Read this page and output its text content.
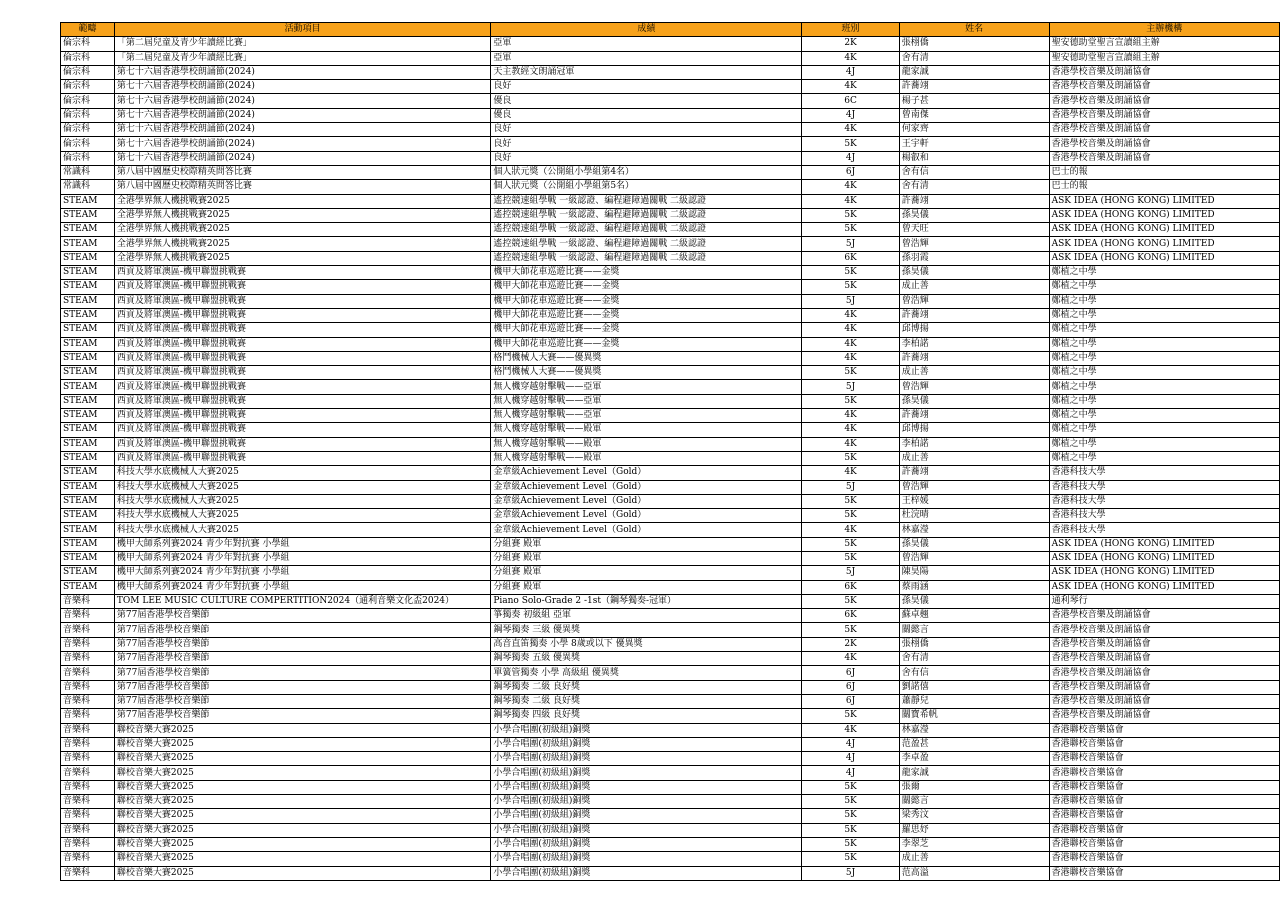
範疇	活動項目	成績	班別	姓名	主辦機構
倫宗科	「第二屆兒童及青少年讀經比賽」	亞軍	2K	張栩僑	聖安德助堂聖言宣讀組主辦
倫宗科	「第二屆兒童及青少年讀經比賽」	亞軍	4K	舍有清	聖安德助堂聖言宣讀組主辦
倫宗科	第七十六屆香港學校朗誦節(2024)	天主教經文朗誦冠軍	4J	龍家誠	香港學校音樂及朗誦協會
倫宗科	第七十六屆香港學校朗誦節(2024)	良好	4K	許蕎翊	香港學校音樂及朗誦協會
倫宗科	第七十六屆香港學校朗誦節(2024)	優良	6C	楊子甚	香港學校音樂及朗誦協會
倫宗科	第七十六屆香港學校朗誦節(2024)	優良	4J	曾南傑	香港學校音樂及朗誦協會
倫宗科	第七十六屆香港學校朗誦節(2024)	良好	4K	何家齊	香港學校音樂及朗誦協會
倫宗科	第七十六屆香港學校朗誦節(2024)	良好	5K	王宇軒	香港學校音樂及朗誦協會
倫宗科	第七十六屆香港學校朗誦節(2024)	良好	4J	楊叡和	香港學校音樂及朗誦協會
常識科	第八屆中國歷史校際精英問答比賽	個人狀元獎（公開組小學組第4名）	6J	舍有信	巴士的報
常識科	第八屆中國歷史校際精英問答比賽	個人狀元獎（公開組小學組第5名）	4K	舍有清	巴士的報
STEAM	全港學界無人機挑戰賽2025	遙控競速組學戰 一級認證、編程避障過關戰 二級認證	4K	許蕎翊	ASK IDEA (HONG KONG) LIMITED
STEAM	全港學界無人機挑戰賽2025	遙控競速組學戰 一級認證、編程避障過關戰 二級認證	5K	孫昊儀	ASK IDEA (HONG KONG) LIMITED
STEAM	全港學界無人機挑戰賽2025	遙控競速組學戰 一級認證、編程避障過關戰 二級認證	5K	曾天旺	ASK IDEA (HONG KONG) LIMITED
STEAM	全港學界無人機挑戰賽2025	遙控競速組學戰 一級認證、編程避障過關戰 二級認證	5J	曾浩輝	ASK IDEA (HONG KONG) LIMITED
STEAM	全港學界無人機挑戰賽2025	遙控競速組學戰 一級認證、編程避障過關戰 二級認證	6K	孫羽霞	ASK IDEA (HONG KONG) LIMITED
STEAM	西貢及將軍澳區-機甲聯盟挑戰賽	機甲大師花車巡遊比賽——金獎	5K	孫昊儀	鄭植之中學
STEAM	西貢及將軍澳區-機甲聯盟挑戰賽	機甲大師花車巡遊比賽——金獎	5K	成止善	鄭植之中學
STEAM	西貢及將軍澳區-機甲聯盟挑戰賽	機甲大師花車巡遊比賽——金獎	5J	曾浩輝	鄭植之中學
STEAM	西貢及將軍澳區-機甲聯盟挑戰賽	機甲大師花車巡遊比賽——金獎	4K	許蕎翊	鄭植之中學
STEAM	西貢及將軍澳區-機甲聯盟挑戰賽	機甲大師花車巡遊比賽——金獎	4K	邱博揚	鄭植之中學
STEAM	西貢及將軍澳區-機甲聯盟挑戰賽	機甲大師花車巡遊比賽——金獎	4K	李柏諾	鄭植之中學
STEAM	西貢及將軍澳區-機甲聯盟挑戰賽	格鬥機械人大賽——優異獎	4K	許蕎翊	鄭植之中學
STEAM	西貢及將軍澳區-機甲聯盟挑戰賽	格鬥機械人大賽——優異獎	5K	成止善	鄭植之中學
STEAM	西貢及將軍澳區-機甲聯盟挑戰賽	無人機穿越射擊戰——亞軍	5J	曾浩輝	鄭植之中學
STEAM	西貢及將軍澳區-機甲聯盟挑戰賽	無人機穿越射擊戰——亞軍	5K	孫昊儀	鄭植之中學
STEAM	西貢及將軍澳區-機甲聯盟挑戰賽	無人機穿越射擊戰——亞軍	4K	許蕎翊	鄭植之中學
STEAM	西貢及將軍澳區-機甲聯盟挑戰賽	無人機穿越射擊戰——殿軍	4K	邱博揚	鄭植之中學
STEAM	西貢及將軍澳區-機甲聯盟挑戰賽	無人機穿越射擊戰——殿軍	4K	李柏諾	鄭植之中學
STEAM	西貢及將軍澳區-機甲聯盟挑戰賽	無人機穿越射擊戰——殿軍	5K	成止善	鄭植之中學
STEAM	科技大學水底機械人大賽2025	金章級Achievement Level（Gold）	4K	許蕎翊	香港科技大學
STEAM	科技大學水底機械人大賽2025	金章級Achievement Level（Gold）	5J	曾浩輝	香港科技大學
STEAM	科技大學水底機械人大賽2025	金章級Achievement Level（Gold）	5K	王梓媛	香港科技大學
STEAM	科技大學水底機械人大賽2025	金章級Achievement Level（Gold）	5K	杜浣晴	香港科技大學
STEAM	科技大學水底機械人大賽2025	金章級Achievement Level（Gold）	4K	林嘉瀅	香港科技大學
STEAM	機甲大師系列賽2024 青少年對抗賽 小學組	分組賽 殿軍	5K	孫昊儀	ASK IDEA (HONG KONG) LIMITED
STEAM	機甲大師系列賽2024 青少年對抗賽 小學組	分組賽 殿軍	5K	曾浩輝	ASK IDEA (HONG KONG) LIMITED
STEAM	機甲大師系列賽2024 青少年對抗賽 小學組	分組賽 殿軍	5J	陳昊陽	ASK IDEA (HONG KONG) LIMITED
STEAM	機甲大師系列賽2024 青少年對抗賽 小學組	分組賽 殿軍	6K	蔡雨涵	ASK IDEA (HONG KONG) LIMITED
音樂科	TOM LEE MUSIC CULTURE COMPERTITION2024（通利音樂文化盃2024）	Piano Solo-Grade 2 -1st（鋼琴獨奏-冠軍）	5K	孫昊儀	通利琴行
音樂科	第77屆香港學校音樂節	箏獨奏 初級組 亞軍	6K	蘇卓翹	香港學校音樂及朗誦協會
音樂科	第77屆香港學校音樂節	鋼琴獨奏 三級 優異獎	5K	關懿言	香港學校音樂及朗誦協會
音樂科	第77屆香港學校音樂節	高音直笛獨奏 小學 8歲或以下 優異獎	2K	張栩僑	香港學校音樂及朗誦協會
音樂科	第77屆香港學校音樂節	鋼琴獨奏 五級 優異獎	4K	舍有清	香港學校音樂及朗誦協會
音樂科	第77屆香港學校音樂節	單簧管獨奏 小學 高級組 優異獎	6J	舍有信	香港學校音樂及朗誦協會
音樂科	第77屆香港學校音樂節	鋼琴獨奏 二級 良好獎	6J	劉諾僖	香港學校音樂及朗誦協會
音樂科	第77屆香港學校音樂節	鋼琴獨奏 二級 良好獎	6J	蕭靜兒	香港學校音樂及朗誦協會
音樂科	第77屆香港學校音樂節	鋼琴獨奏 四級 良好獎	5K	關寶希帆	香港學校音樂及朗誦協會
音樂科	聯校音樂大賽2025	小學合唱團(初級組)銅獎	4K	林嘉瀅	香港聯校音樂協會
音樂科	聯校音樂大賽2025	小學合唱團(初級組)銅獎	4J	范盈甚	香港聯校音樂協會
音樂科	聯校音樂大賽2025	小學合唱團(初級組)銅獎	4J	李卓盈	香港聯校音樂協會
音樂科	聯校音樂大賽2025	小學合唱團(初級組)銅獎	4J	龍家誠	香港聯校音樂協會
音樂科	聯校音樂大賽2025	小學合唱團(初級組)銅獎	5K	張爾	香港聯校音樂協會
音樂科	聯校音樂大賽2025	小學合唱團(初級組)銅獎	5K	關懿言	香港聯校音樂協會
音樂科	聯校音樂大賽2025	小學合唱團(初級組)銅獎	5K	梁秀汶	香港聯校音樂協會
音樂科	聯校音樂大賽2025	小學合唱團(初級組)銅獎	5K	羅思妤	香港聯校音樂協會
音樂科	聯校音樂大賽2025	小學合唱團(初級組)銅獎	5K	李翠芝	香港聯校音樂協會
音樂科	聯校音樂大賽2025	小學合唱團(初級組)銅獎	5K	成止善	香港聯校音樂協會
音樂科	聯校音樂大賽2025	小學合唱團(初級組)銅獎	5J	范高溢	香港聯校音樂協會
